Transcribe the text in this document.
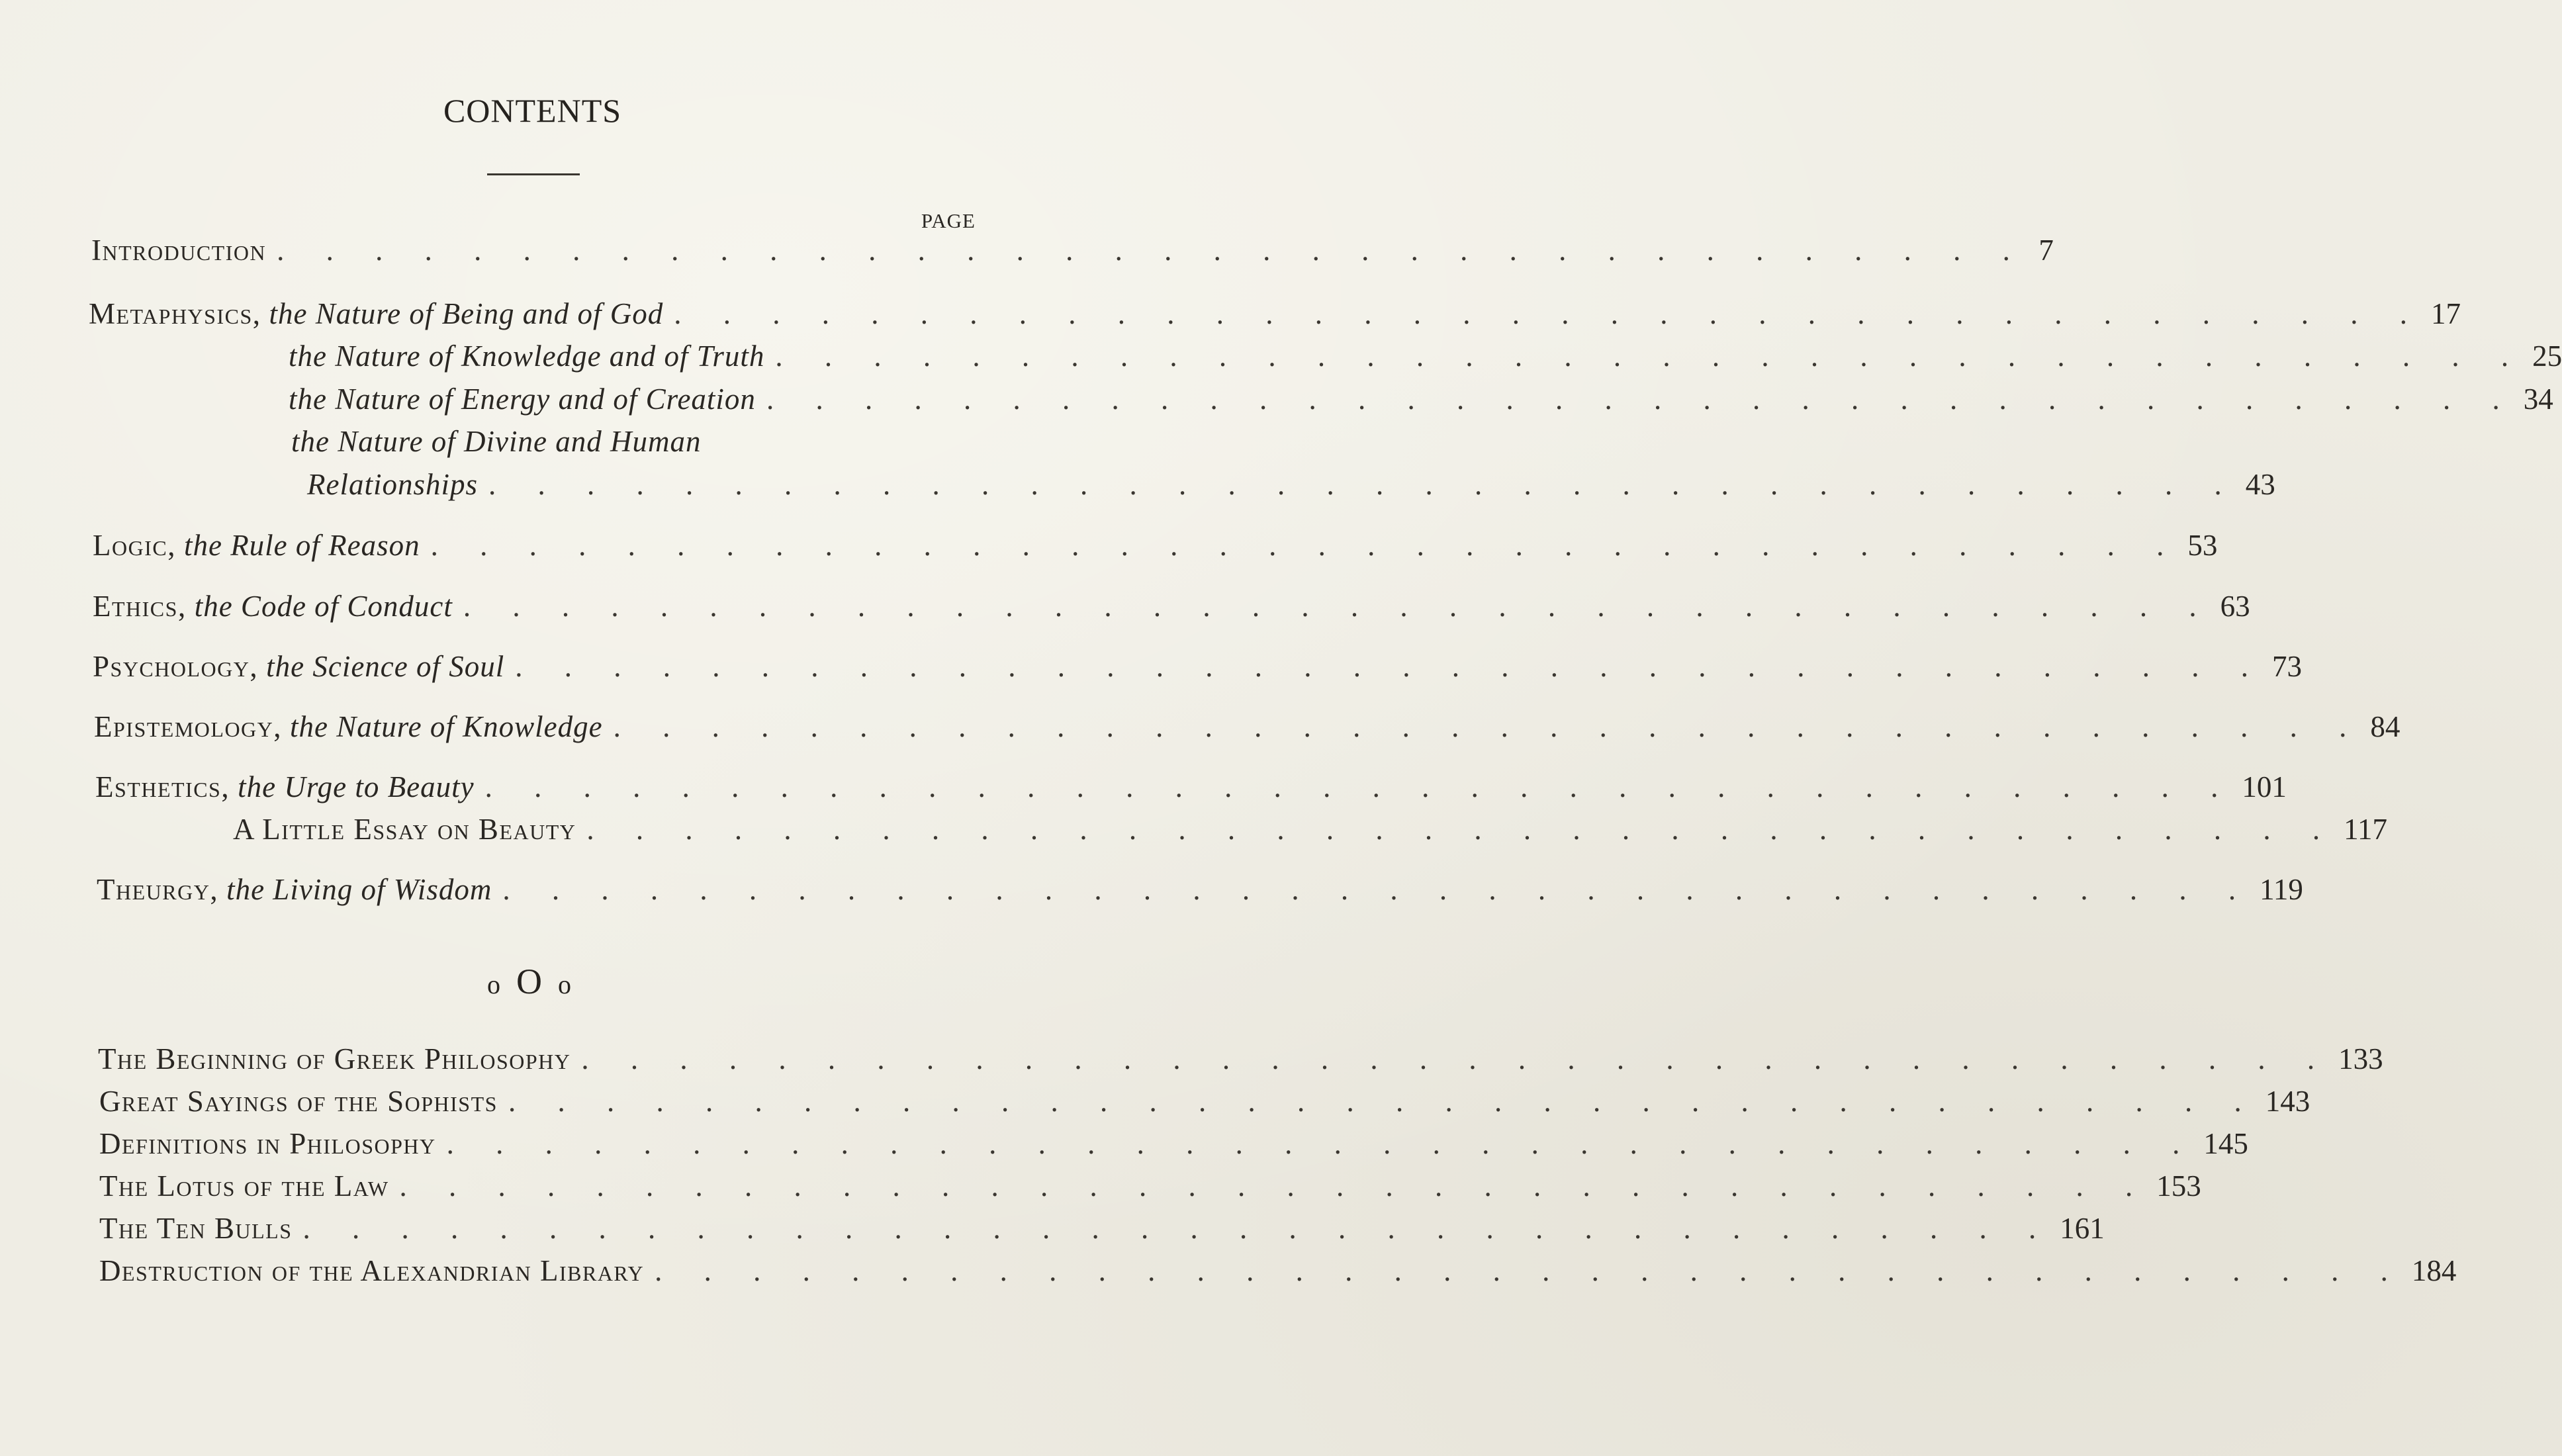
CONTENTS
PAGE
Introduction . . . . . . . . . . . . . . . . . . . . . . . . . . . . . . . . . . . . 7
Metaphysics, the Nature of Being and of God . . . . . . . . . . . . . . . . . . . . . . . . . . . . . . . . . . . . 17
the Nature of Knowledge and of Truth . . . . . . . . . . . . . . . . . . . . . . . . . . . . . . . . . . . . 25
the Nature of Energy and of Creation . . . . . . . . . . . . . . . . . . . . . . . . . . . . . . . . . . . . 34
the Nature of Divine and Human
Relationships . . . . . . . . . . . . . . . . . . . . . . . . . . . . . . . . . . . . 43
Logic, the Rule of Reason . . . . . . . . . . . . . . . . . . . . . . . . . . . . . . . . . . . . 53
Ethics, the Code of Conduct . . . . . . . . . . . . . . . . . . . . . . . . . . . . . . . . . . . . 63
Psychology, the Science of Soul . . . . . . . . . . . . . . . . . . . . . . . . . . . . . . . . . . . . 73
Epistemology, the Nature of Knowledge . . . . . . . . . . . . . . . . . . . . . . . . . . . . . . . . . . . . 84
Esthetics, the Urge to Beauty . . . . . . . . . . . . . . . . . . . . . . . . . . . . . . . . . . . . 101
A Little Essay on Beauty . . . . . . . . . . . . . . . . . . . . . . . . . . . . . . . . . . . . 117
Theurgy, the Living of Wisdom . . . . . . . . . . . . . . . . . . . . . . . . . . . . . . . . . . . . 119
o O o
The Beginning of Greek Philosophy . . . . . . . . . . . . . . . . . . . . . . . . . . . . . . . . . . . . 133
Great Sayings of the Sophists . . . . . . . . . . . . . . . . . . . . . . . . . . . . . . . . . . . . 143
Definitions in Philosophy . . . . . . . . . . . . . . . . . . . . . . . . . . . . . . . . . . . . 145
The Lotus of the Law . . . . . . . . . . . . . . . . . . . . . . . . . . . . . . . . . . . . 153
The Ten Bulls . . . . . . . . . . . . . . . . . . . . . . . . . . . . . . . . . . . . 161
Destruction of the Alexandrian Library . . . . . . . . . . . . . . . . . . . . . . . . . . . . . . . . . . . . 184
